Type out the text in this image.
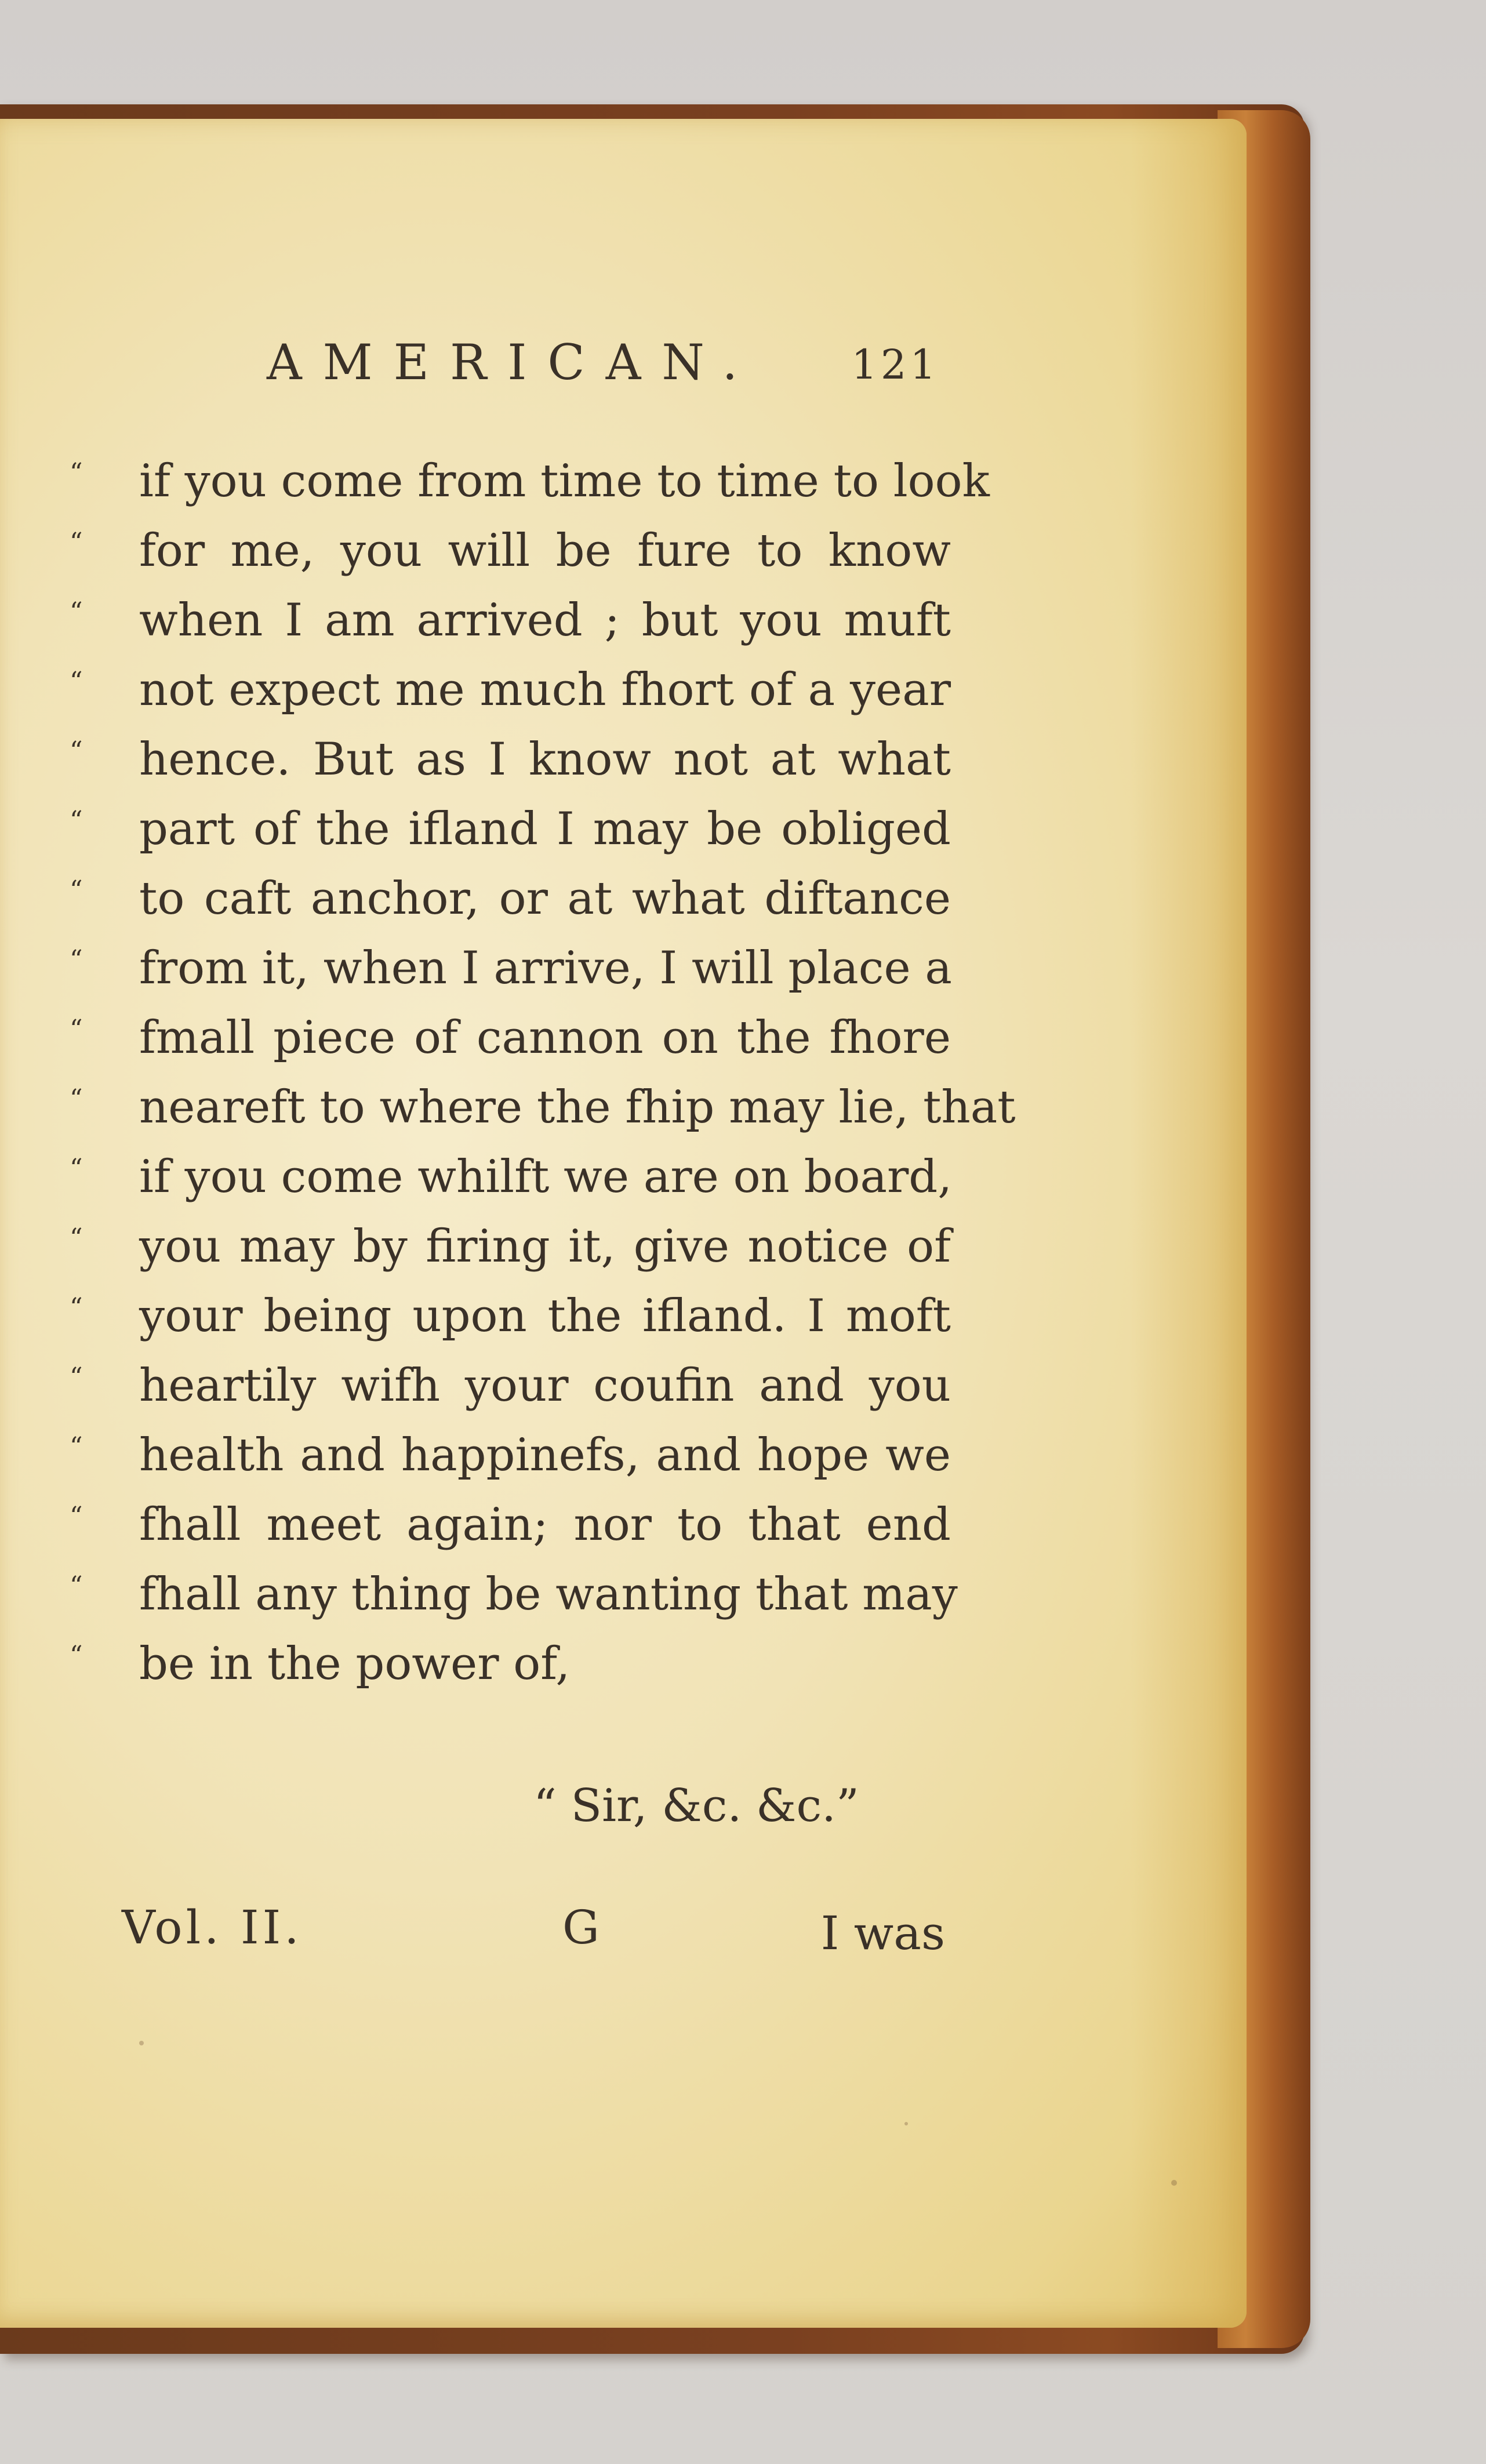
AMERICAN. 121
“ if you come from time to time to look
“ for me, you will be fure to know
“ when I am arrived ; but you muft
“ not expect me much fhort of a year
“ hence. But as I know not at what
“ part of the ifland I may be obliged
“ to caft anchor, or at what diftance
“ from it, when I arrive, I will place a
“ fmall piece of cannon on the fhore
“ neareft to where the fhip may lie, that
“ if you come whilft we are on board,
“ you may by firing it, give notice of
“ your being upon the ifland. I moft
“ heartily wifh your coufin and you
“ health and happinefs, and hope we
“ fhall meet again; nor to that end
“ fhall any thing be wanting that may
“ be in the power of,
“ Sir, &c. &c.”
Vol. II.	G	I was
